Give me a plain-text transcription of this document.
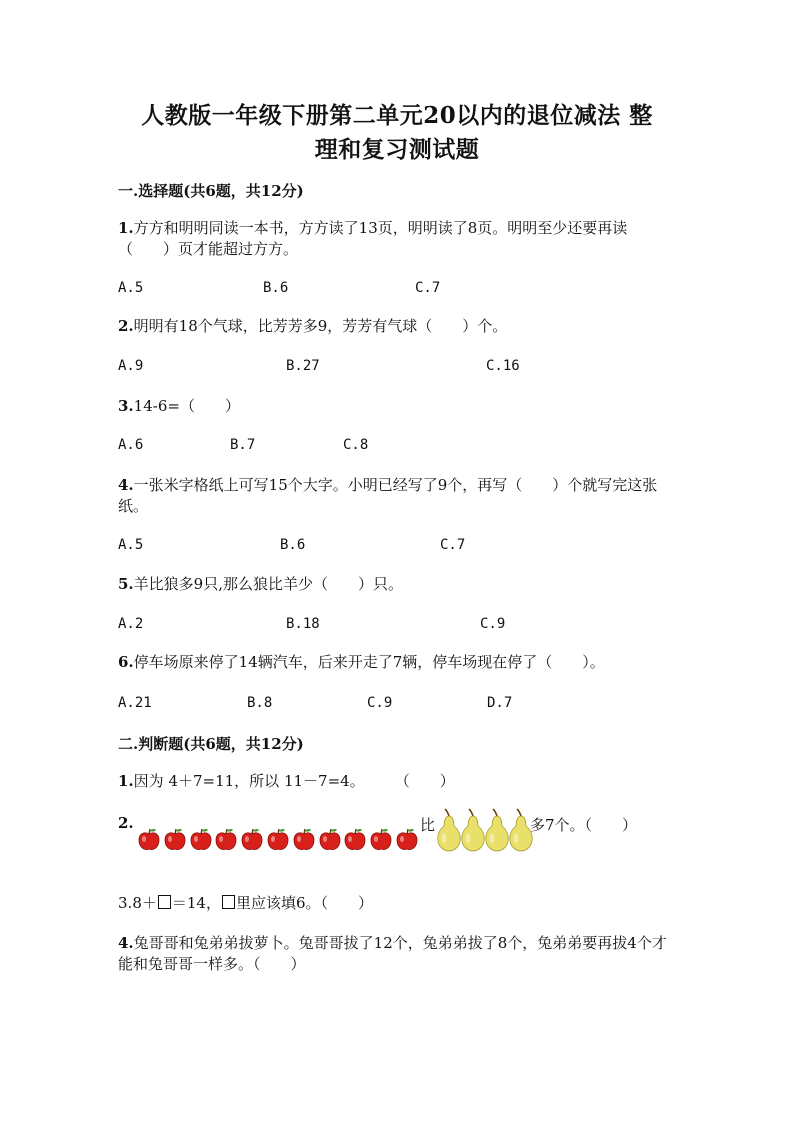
人教版一年级下册第二单元20以内的退位减法 整
理和复习测试题
一.选择题(共6题，共12分)
1.方方和明明同读一本书，方方读了13页，明明读了8页。明明至少还要再读（　　）页才能超过方方。
A.5	B.6	C.7
2.明明有18个气球，比芳芳多9，芳芳有气球（　　）个。
A.9	B.27	C.16
3.14-6=（　　）
A.6	B.7	C.8
4.一张米字格纸上可写15个大字。小明已经写了9个，再写（　　）个就写完这张纸。
A.5	B.6	C.7
5.羊比狼多9只,那么狼比羊少（　　）只。
A.2	B.18	C.9
6.停车场原来停了14辆汽车，后来开走了7辆，停车场现在停了（　　）。
A.21	B.8	C.9	D.7
二.判断题(共6题，共12分)
1.因为 4＋7=11，所以 11－7=4。　　　（　　）
2.	比	多7个。（　　）
3.8＋ ＝14， 里应该填6。（　　）
4.兔哥哥和兔弟弟拔萝卜。兔哥哥拔了12个，兔弟弟拔了8个，兔弟弟要再拔4个才能和兔哥哥一样多。（　　）
